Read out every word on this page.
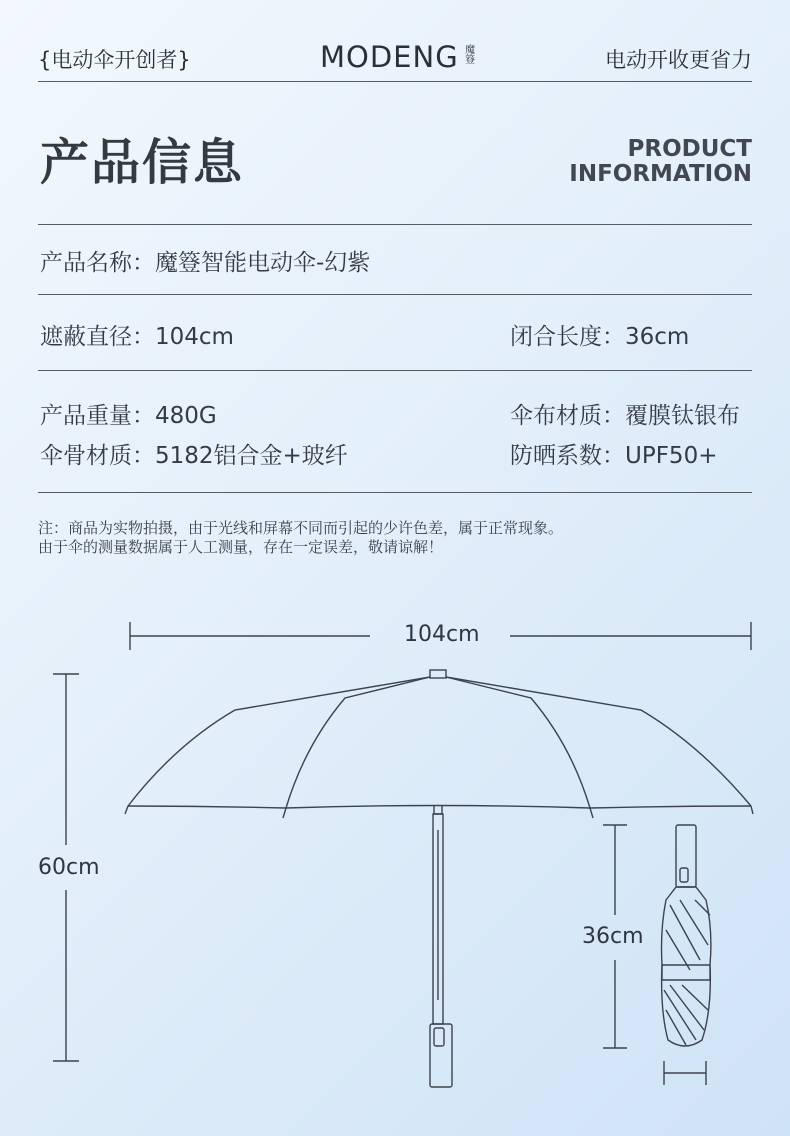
{电动伞开创者}	MODENG 魔簦	电动开收更省力
产品信息	PRODUCT
INFORMATION
产品名称：魔簦智能电动伞-幻紫
遮蔽直径：104cm	闭合长度：36cm
产品重量：480G	伞布材质：覆膜钛银布
伞骨材质：5182铝合金+玻纤	防晒系数：UPF50+
注：商品为实物拍摄，由于光线和屏幕不同而引起的少许色差，属于正常现象。
由于伞的测量数据属于人工测量，存在一定误差，敬请谅解！
104cm
60cm
36cm
